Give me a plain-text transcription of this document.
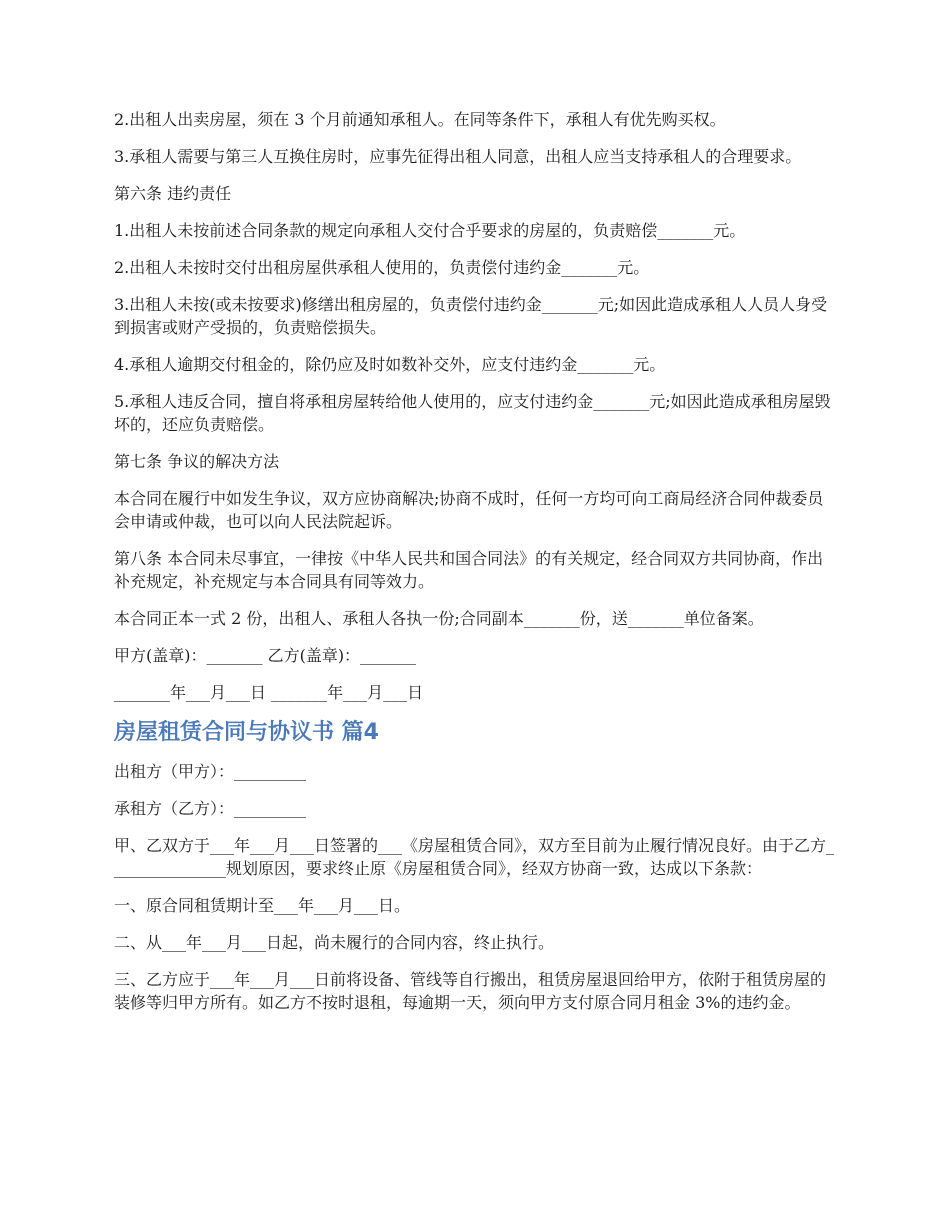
2.出租人出卖房屋，须在 3 个月前通知承租人。在同等条件下，承租人有优先购买权。

3.承租人需要与第三人互换住房时，应事先征得出租人同意，出租人应当支持承租人的合理要求。

第六条 违约责任

1.出租人未按前述合同条款的规定向承租人交付合乎要求的房屋的，负责赔偿_______元。

2.出租人未按时交付出租房屋供承租人使用的，负责偿付违约金_______元。

3.出租人未按(或未按要求)修缮出租房屋的，负责偿付违约金_______元;如因此造成承租人人员人身受到损害或财产受损的，负责赔偿损失。

4.承租人逾期交付租金的，除仍应及时如数补交外，应支付违约金_______元。

5.承租人违反合同，擅自将承租房屋转给他人使用的，应支付违约金_______元;如因此造成承租房屋毁坏的，还应负责赔偿。

第七条 争议的解决方法

本合同在履行中如发生争议，双方应协商解决;协商不成时，任何一方均可向工商局经济合同仲裁委员会申请或仲裁，也可以向人民法院起诉。

第八条 本合同未尽事宜，一律按《中华人民共和国合同法》的有关规定，经合同双方共同协商，作出补充规定，补充规定与本合同具有同等效力。

本合同正本一式 2 份，出租人、承租人各执一份;合同副本_______份，送_______单位备案。

甲方(盖章)：_______ 乙方(盖章)：_______

_______年___月___日 _______年___月___日

房屋租赁合同与协议书 篇4

出租方（甲方）：_________

承租方（乙方）：_________

甲、乙双方于___年___月___日签署的___《房屋租赁合同》，双方至目前为止履行情况良好。由于乙方_______________规划原因，要求终止原《房屋租赁合同》，经双方协商一致，达成以下条款：

一、原合同租赁期计至___年___月___日。

二、从___年___月___日起，尚未履行的合同内容，终止执行。

三、乙方应于___年___月___日前将设备、管线等自行搬出，租赁房屋退回给甲方，依附于租赁房屋的装修等归甲方所有。如乙方不按时退租，每逾期一天，须向甲方支付原合同月租金 3%的违约金。
